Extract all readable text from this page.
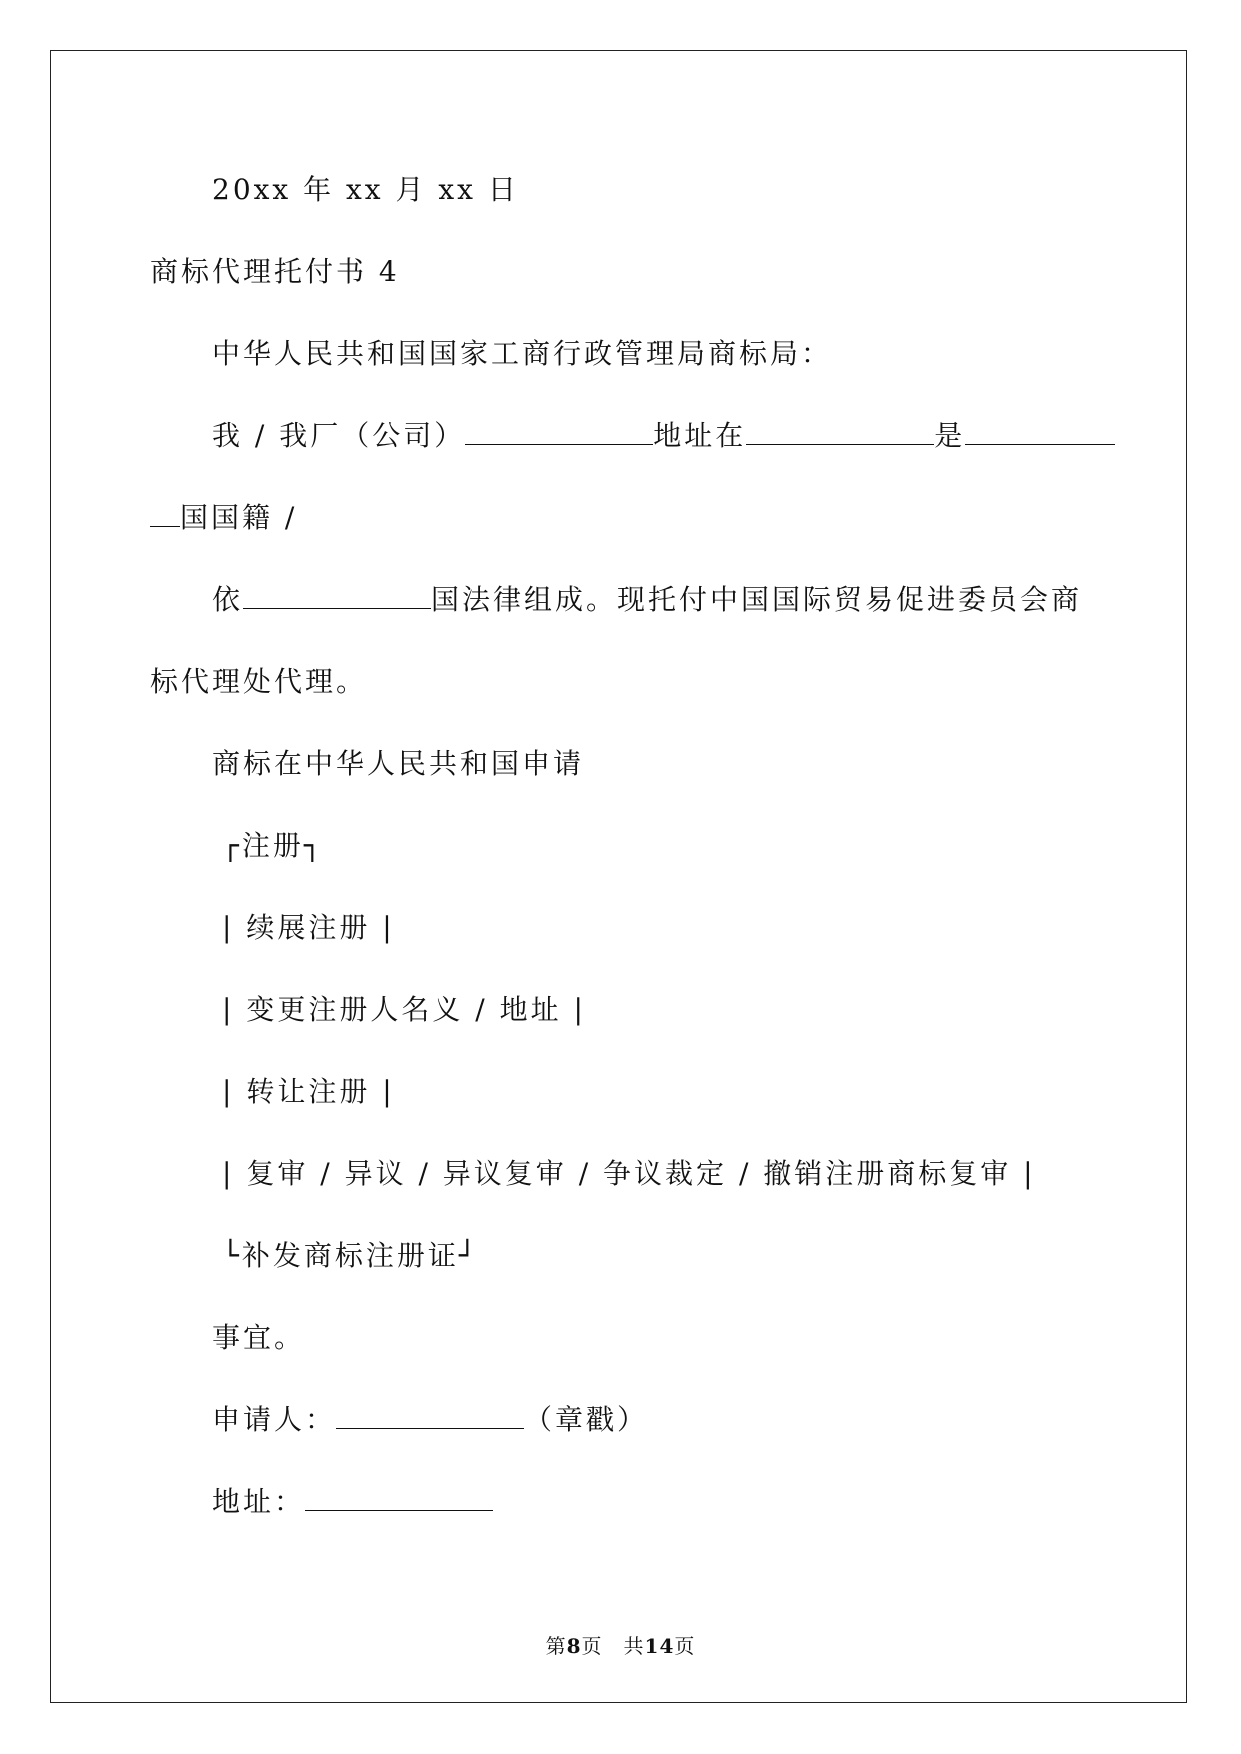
20xx 年 xx 月 xx 日
商标代理托付书 4
中华人民共和国国家工商行政管理局商标局：
我 / 我厂（公司）	地址在	是
国国籍 /
依	国法律组成。现托付中国国际贸易促进委员会商
标代理处代理。
商标在中华人民共和国申请
┌注册┐
| 续展注册 |
| 变更注册人名义 / 地址 |
| 转让注册 |
| 复审 / 异议 / 异议复审 / 争议裁定 / 撤销注册商标复审 |
└补发商标注册证┘
事宜。
申请人：	（章戳）
地址：
第8页　共14页
